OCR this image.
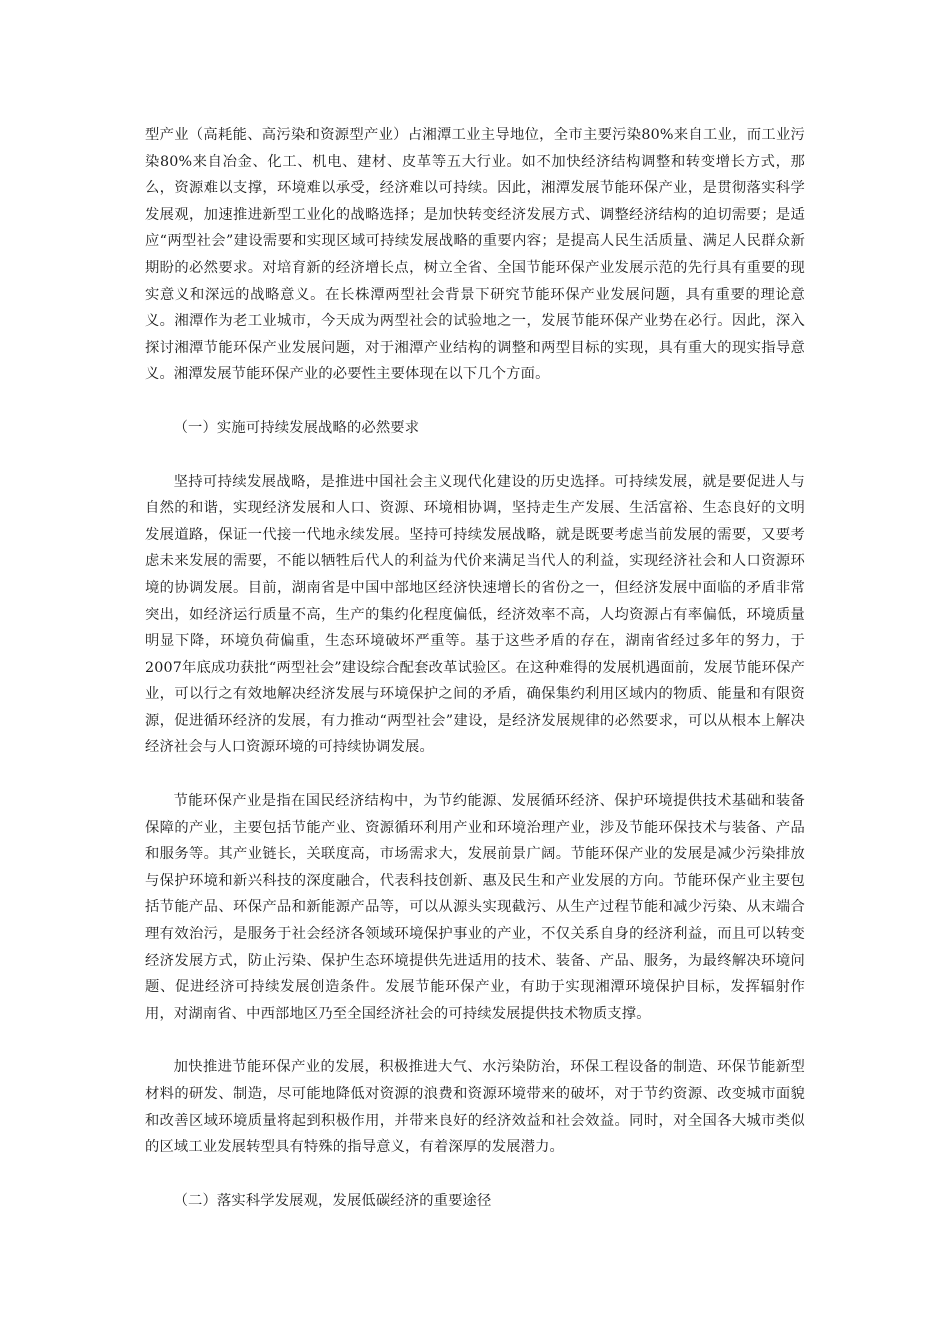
型产业（高耗能、高污染和资源型产业）占湘潭工业主导地位，全市主要污染80%来自工业，而工业污染80%来自冶金、化工、机电、建材、皮革等五大行业。如不加快经济结构调整和转变增长方式，那么，资源难以支撑，环境难以承受，经济难以可持续。因此，湘潭发展节能环保产业，是贯彻落实科学发展观，加速推进新型工业化的战略选择；是加快转变经济发展方式、调整经济结构的迫切需要；是适应“两型社会”建设需要和实现区域可持续发展战略的重要内容；是提高人民生活质量、满足人民群众新期盼的必然要求。对培育新的经济增长点，树立全省、全国节能环保产业发展示范的先行具有重要的现实意义和深远的战略意义。在长株潭两型社会背景下研究节能环保产业发展问题，具有重要的理论意义。湘潭作为老工业城市，今天成为两型社会的试验地之一，发展节能环保产业势在必行。因此，深入探讨湘潭节能环保产业发展问题，对于湘潭产业结构的调整和两型目标的实现，具有重大的现实指导意义。湘潭发展节能环保产业的必要性主要体现在以下几个方面。

（一）实施可持续发展战略的必然要求

坚持可持续发展战略，是推进中国社会主义现代化建设的历史选择。可持续发展，就是要促进人与自然的和谐，实现经济发展和人口、资源、环境相协调，坚持走生产发展、生活富裕、生态良好的文明发展道路，保证一代接一代地永续发展。坚持可持续发展战略，就是既要考虑当前发展的需要，又要考虑未来发展的需要，不能以牺牲后代人的利益为代价来满足当代人的利益，实现经济社会和人口资源环境的协调发展。目前，湖南省是中国中部地区经济快速增长的省份之一，但经济发展中面临的矛盾非常突出，如经济运行质量不高，生产的集约化程度偏低，经济效率不高，人均资源占有率偏低，环境质量明显下降，环境负荷偏重，生态环境破坏严重等。基于这些矛盾的存在，湖南省经过多年的努力，于2007年底成功获批“两型社会”建设综合配套改革试验区。在这种难得的发展机遇面前，发展节能环保产业，可以行之有效地解决经济发展与环境保护之间的矛盾，确保集约利用区域内的物质、能量和有限资源，促进循环经济的发展，有力推动“两型社会”建设，是经济发展规律的必然要求，可以从根本上解决经济社会与人口资源环境的可持续协调发展。

节能环保产业是指在国民经济结构中，为节约能源、发展循环经济、保护环境提供技术基础和装备保障的产业，主要包括节能产业、资源循环利用产业和环境治理产业，涉及节能环保技术与装备、产品和服务等。其产业链长，关联度高，市场需求大，发展前景广阔。节能环保产业的发展是减少污染排放与保护环境和新兴科技的深度融合，代表科技创新、惠及民生和产业发展的方向。节能环保产业主要包括节能产品、环保产品和新能源产品等，可以从源头实现截污、从生产过程节能和减少污染、从末端合理有效治污，是服务于社会经济各领域环境保护事业的产业，不仅关系自身的经济利益，而且可以转变经济发展方式，防止污染、保护生态环境提供先进适用的技术、装备、产品、服务，为最终解决环境问题、促进经济可持续发展创造条件。发展节能环保产业，有助于实现湘潭环境保护目标，发挥辐射作用，对湖南省、中西部地区乃至全国经济社会的可持续发展提供技术物质支撑。

加快推进节能环保产业的发展，积极推进大气、水污染防治，环保工程设备的制造、环保节能新型材料的研发、制造，尽可能地降低对资源的浪费和资源环境带来的破坏，对于节约资源、改变城市面貌和改善区域环境质量将起到积极作用，并带来良好的经济效益和社会效益。同时，对全国各大城市类似的区域工业发展转型具有特殊的指导意义，有着深厚的发展潜力。

（二）落实科学发展观，发展低碳经济的重要途径
